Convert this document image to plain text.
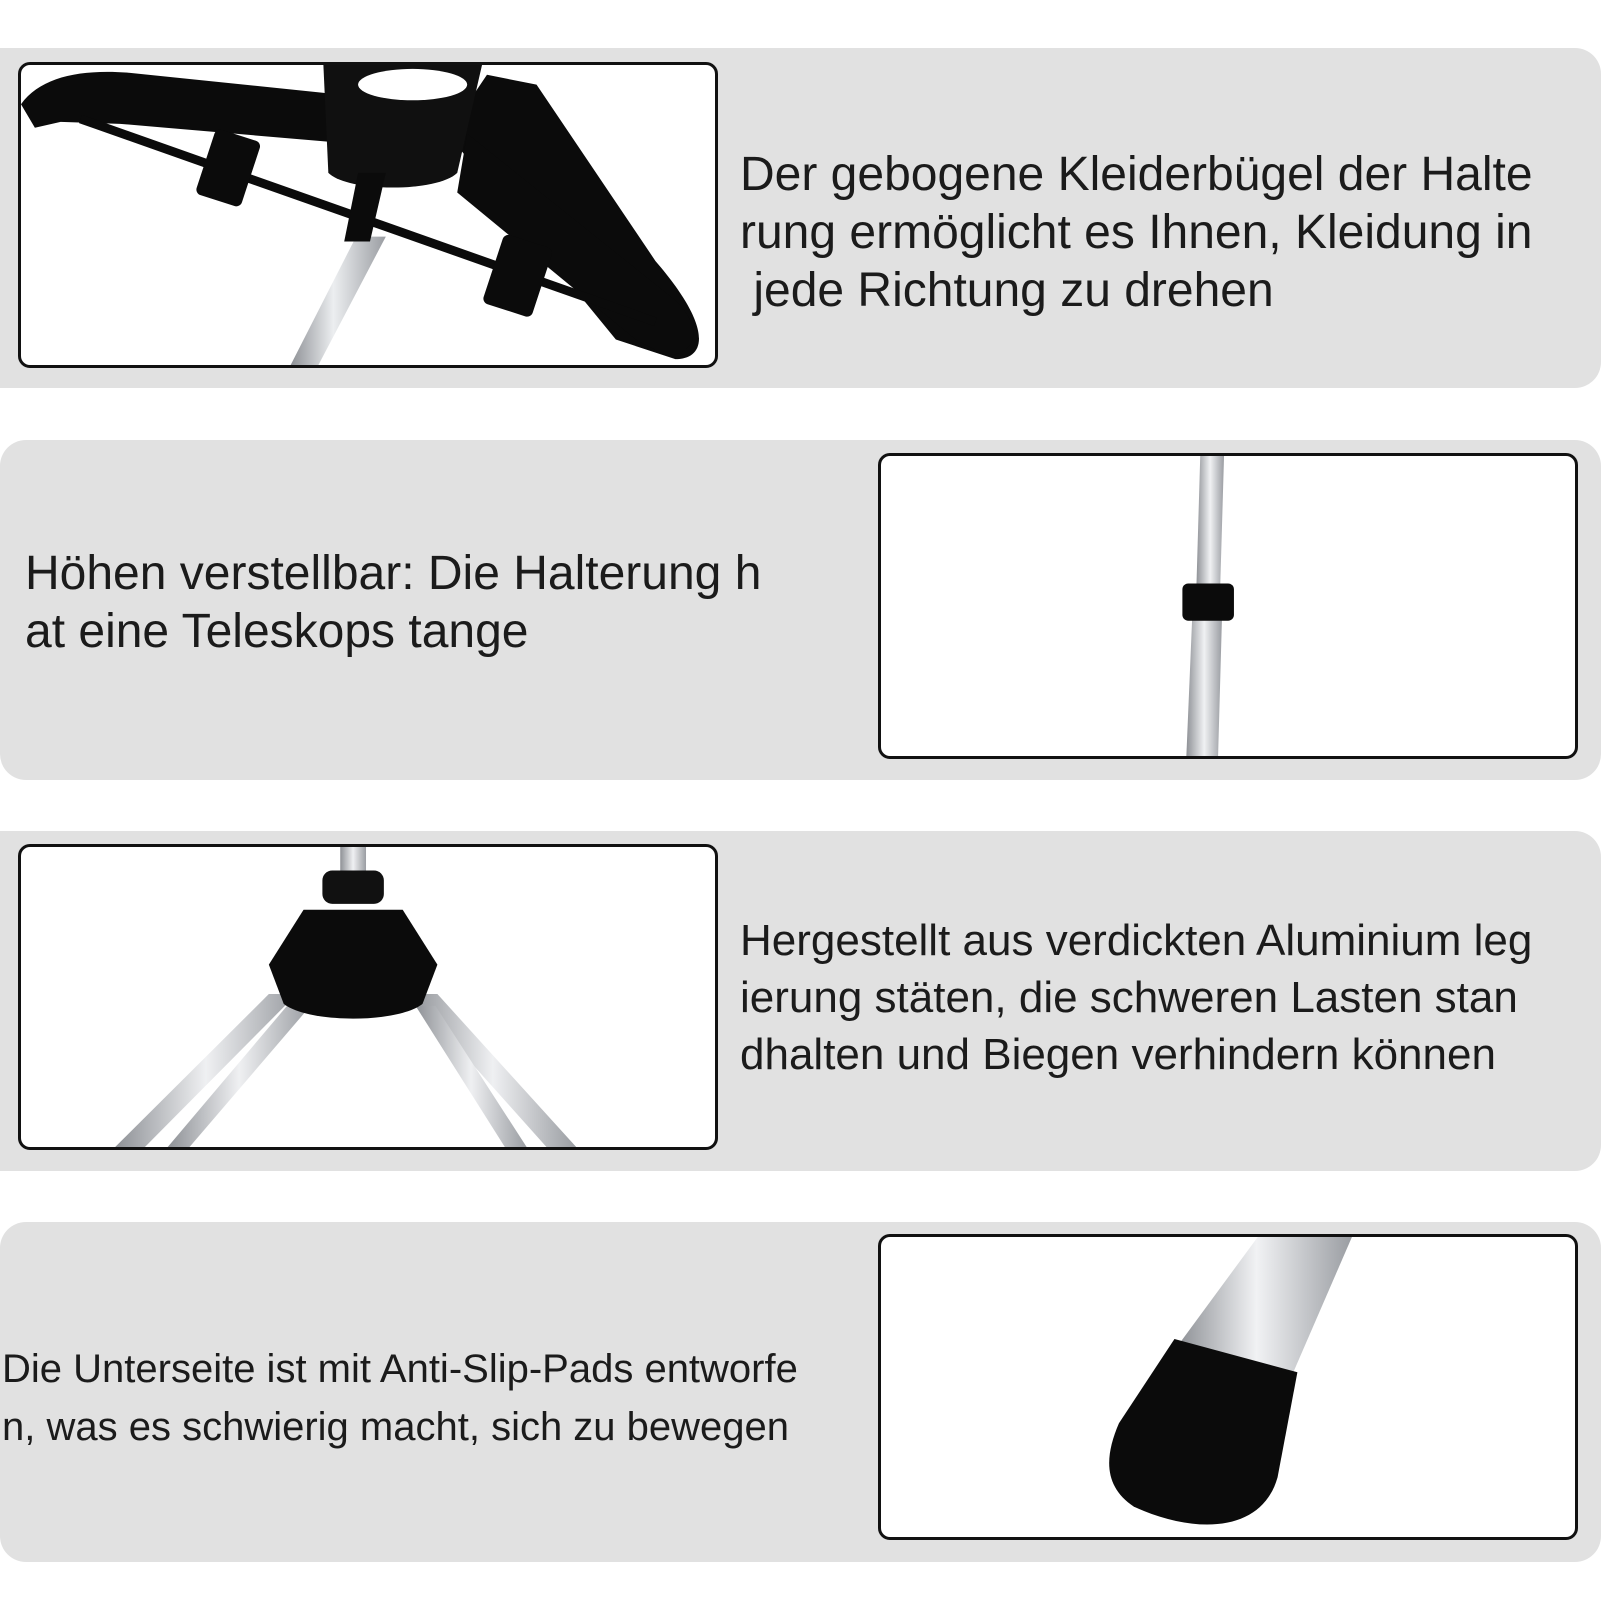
Der gebogene Kleiderbügel der Halte
rung ermöglicht es Ihnen, Kleidung in
jede Richtung zu drehen

Höhen verstellbar: Die Halterung h
at eine Teleskops tange

Hergestellt aus verdickten Aluminium leg
ierung stäten, die schweren Lasten stan
dhalten und Biegen verhindern können

Die Unterseite ist mit Anti-Slip-Pads entworfe
n, was es schwierig macht, sich zu bewegen
